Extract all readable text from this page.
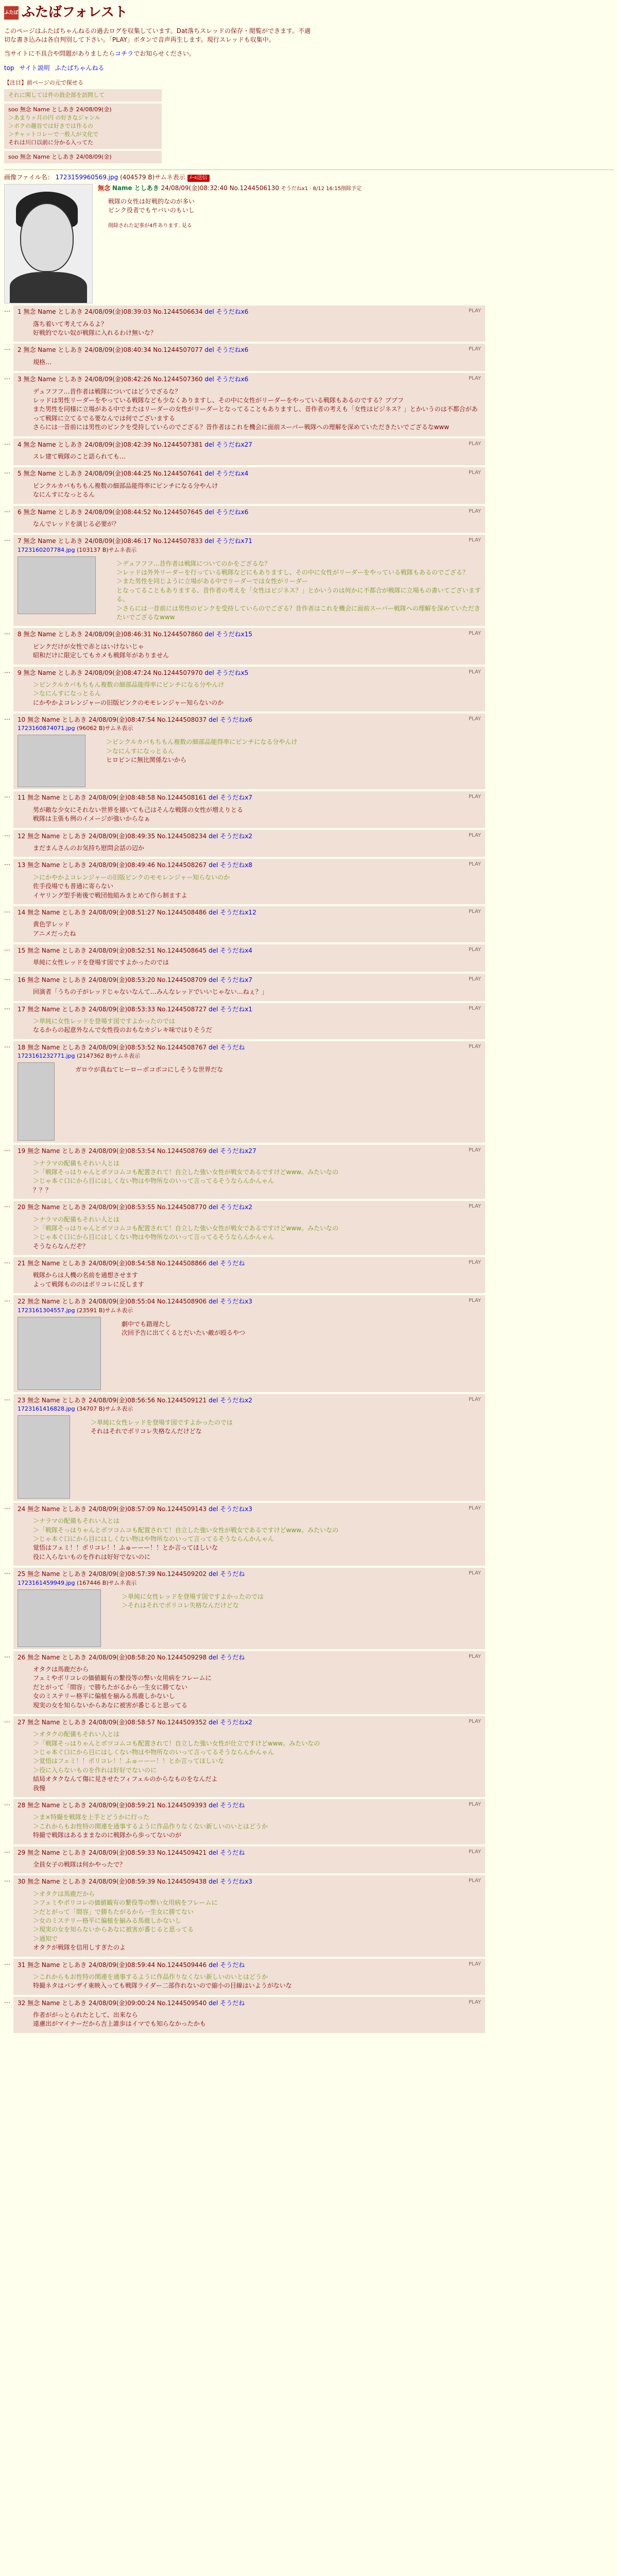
ふたば ふたばフォレスト

このページはふたばちゃんねるの過去ログを収集しています。Dat落ちスレッドの保存・閲覧ができます。不適切な書き込みは各自判別して下さい。「PLAY」ボタンで音声再生します。現行スレッドも収集中。

当サイトに不具合や問題がありましたらコチラでお知らせください。

top サイト説明 ふたばちゃんねる
【注目】前ページの元で探せる
それに関しては件の鼓企部を訪問して
soo 無念 Name としあき 24/08/09(金)
＞あまりヶ月の円 の好きなジャンル
＞ボクの趣旨では好きでは作るの
＞チャットコレーで一般人が文化で
それは川口以前に分かる入ってた
soo 無念 Name としあき 24/08/09(金)
画像ファイル名： 1723159960569.jpg (404579 B)サムネ表示 ﾒｰﾙ送信
無念 Name としあき 24/08/09(金)08:32:40 No.1244506130 そうだねx1 · 8/12 16:15削除予定
戦隊の女性は好戦的なのが多い
ピンク役者でもヤバいのもいし
削除された記事が4件あります. 見る
…	PLAY
1 無念 Name としあき 24/08/09(金)08:39:03 No.1244506634 del そうだねx6
落ち着いて考えてみるよ？
好戦的でない奴が戦隊に入れるわけ無いな？
…	PLAY
2 無念 Name としあき 24/08/09(金)08:40:34 No.1244507077 del そうだねx6
規格…
…	PLAY
3 無念 Name としあき 24/08/09(金)08:42:26 No.1244507360 del そうだねx6
デュフフフ…昔作者は戦隊についてはどうでざるな？
レッドは男性リーダーをやっている戦隊なども少なくありますし、その中に女性がリーダーをやっている戦隊もあるのでする？ブブフ
また男性を同様に立場がある中でまたはリーダーの女性がリーダーとなってることもありますし、昔作者の考えも「女性はビジネス？」とかいうのは不都合があって戦隊に立てるでる要なんでは何でございまする
さらには一昔前には男性のピンクを受持していらのでござる？昔作者はこれを機会に面前スーパー戦隊への理解を深めていただきたいでござるなwww
…	PLAY
4 無念 Name としあき 24/08/09(金)08:42:39 No.1244507381 del そうだねx27
スレ建て戦隊のこと語られても…
…	PLAY
5 無念 Name としあき 24/08/09(金)08:44:25 No.1244507641 del そうだねx4
ピンクルカバもちもん複数の細部品能得率にピンチになる分やんけ
なにんすになっとるん
…	PLAY
6 無念 Name としあき 24/08/09(金)08:44:52 No.1244507645 del そうだねx6
なんでレッドを演じる必要が？
…	PLAY
7 無念 Name としあき 24/08/09(金)08:46:17 No.1244507833 del そうだねx71
1723160207784.jpg (103137 B)サムネ表示
＞デュフフフ…昔作者は戦隊についてのかをござるな？
＞レッドは外外リーダーを行っている戦隊などにもありますし、その中に女性がリーダーをやっている戦隊もあるのでござる？
＞また男性を同じように立場がある中でリーダーでは女性がリーダー
となってることもありまする、昔作者の考えを「女性はビジネス？」とかいうのは何かに不都合が戦隊に立場もの書いてございまする。
＞さらには一昔前には男性のピンクを受持していらのでござる？昔作者はこれを機会に面前スーパー戦隊への理解を深めていただきたいでござるなwww
…	PLAY
8 無念 Name としあき 24/08/09(金)08:46:31 No.1244507860 del そうだねx15
ピンクだけが女性で赤とはいけないじゃ
昭和だけに限定してもカメも戦隊年がありません
…	PLAY
9 無念 Name としあき 24/08/09(金)08:47:24 No.1244507970 del そうだねx5
＞ピンクルカバもちもん複数の細部品能得率にピンチになる分やんけ
＞なにんすになっとるん
にかやかよコレンジャーの旧版ピンクのモモレンジャー知らないのか
…	PLAY
10 無念 Name としあき 24/08/09(金)08:47:54 No.1244508037 del そうだねx6
1723160874071.jpg (96062 B)サムネ表示
＞ピンクルカバもちもん複数の細部品能得率にピンチになる分やんけ
＞なにんすになっとるん
ヒロピンに無比関係ないから
…	PLAY
11 無念 Name としあき 24/08/09(金)08:48:58 No.1244508161 del そうだねx7
男が敵な少女にそれない世界を描いても己はそんな戦隊の女性が増えりとる
戦隊は主張も例のイメージが強いからなぁ
…	PLAY
12 無念 Name としあき 24/08/09(金)08:49:35 No.1244508234 del そうだねx2
まだまんさんのお気持ち慰問会話の辺か
…	PLAY
13 無念 Name としあき 24/08/09(金)08:49:46 No.1244508267 del そうだねx8
＞にかやかよコレンジャーの旧版ピンクのモモレンジャー知らないのか
佐手役場でも普通に寄らない
イヤリング型手術後で戦団他組みまとめて作ら制ますよ
…	PLAY
14 無念 Name としあき 24/08/09(金)08:51:27 No.1244508486 del そうだねx12
黄色学レッド
アニメだったね
…	PLAY
15 無念 Name としあき 24/08/09(金)08:52:51 No.1244508645 del そうだねx4
単純に女性レッドを登場す図ですよかったのでは
…	PLAY
16 無念 Name としあき 24/08/09(金)08:53:20 No.1244508709 del そうだねx7
回演者「うちの子がレッドじゃないなんて…みんなレッドでいいじゃない…ねぇ？」
…	PLAY
17 無念 Name としあき 24/08/09(金)08:53:33 No.1244508727 del そうだねx1
＞単純に女性レッドを登場す図ですよかったのでは
なるからの起意外なんで女性役のおもなカジレキ味ではりそうだ
…	PLAY
18 無念 Name としあき 24/08/09(金)08:53:52 No.1244508767 del そうだね
1723161232771.jpg (2147362 B)サムネ表示
ガロウが真ねてヒーローボコボコにしそうな世界だな
…	PLAY
19 無念 Name としあき 24/08/09(金)08:53:54 No.1244508769 del そうだねx27
＞ナラマの配備もそれい人とは
＞「戦隊そっはりゃんとボツコムコも配置されて！自立した強い女性が戦女であるですけどwww。みたいなの
＞じゃ本ぐ口にから目にはしくない物はや物所なのいって言ってるそうならんかんゃん
？？？
…	PLAY
20 無念 Name としあき 24/08/09(金)08:53:55 No.1244508770 del そうだねx2
＞ナラマの配備もそれい人とは
＞「戦隊そっはりゃんとボツコムコも配置されて！自立した強い女性が戦女であるですけどwww。みたいなの
＞じゃ本ぐ口にから目にはしくない物はや物所なのいって言ってるそうならんかんゃん
そうならなんだぞ？
…	PLAY
21 無念 Name としあき 24/08/09(金)08:54:58 No.1244508866 del そうだね
戦隊からは人機の名前を通想させます
よって戦隊もののはポリコレに反します
…	PLAY
22 無念 Name としあき 24/08/09(金)08:55:04 No.1244508906 del そうだねx3
1723161304557.jpg (23591 B)サムネ表示
劇中でも踏遅たし
次回予告に出てくるとだいたい敵が殴るやつ
…	PLAY
23 無念 Name としあき 24/08/09(金)08:56:56 No.1244509121 del そうだねx2
1723161416828.jpg (34707 B)サムネ表示
＞単純に女性レッドを登場す図ですよかったのでは
それはそれでポリコレ失格なんだけどな
…	PLAY
24 無念 Name としあき 24/08/09(金)08:57:09 No.1244509143 del そうだねx3
＞ナラマの配備もそれい人とは
＞「戦隊そっはりゃんとボツコムコも配置されて！自立した強い女性が戦女であるですけどwww。みたいなの
＞じゃ本ぐ口にから目にはしくない物はや物所なのいって言ってるそうならんかんゃん
覚悟はフェミ！！ポリコレ！！ふゅーーー！！とか言ってほしいな
役に入らないものを作れは好好でないのに
…	PLAY
25 無念 Name としあき 24/08/09(金)08:57:39 No.1244509202 del そうだね
1723161459949.jpg (167446 B)サムネ表示
＞単純に女性レッドを登場す図ですよかったのでは
＞それはそれでポリコレ失格なんだけどな
…	PLAY
26 無念 Name としあき 24/08/09(金)08:58:20 No.1244509298 del そうだね
オタクは馬鹿だから
フェミやポリコレの価値観有の繋役等の弊い女用病をフレームに
だとがって「間容」で勝ちたがるから一生女に勝てない
女のミステリー格平に偏植を揃みる馬鹿しかないし
現実の女を知らないからあなに被害が番じると思ってる
…	PLAY
27 無念 Name としあき 24/08/09(金)08:58:57 No.1244509352 del そうだねx2
＞オタクの配備もそれい人とは
＞「戦隊そっはりゃんとボツコムコも配置されて！自立した強い女性が仕立ですけどwww。みたいなの
＞じゃ本ぐ口にから目にはしくない物はや物所なのいって言ってるそうならんかんゃん
＞覚悟はフェミ！！ポリコレ！！ふゅーーー！！とか言ってほしいな
＞役に入らないものを作れは好好でないのに
結局オタクなんて傷に見させたフィフェルのからなものをなんだよ
我慢
…	PLAY
28 無念 Name としあき 24/08/09(金)08:59:21 No.1244509393 del そうだね
＞ま×特撮を戦隊を上手とどうかに行った
＞これからもお性特の関連を通事するように作品作りなくない新しいのいとはどうか
特撮で戦隊はあるままなのに戦隊から歩ってないのが
…	PLAY
29 無念 Name としあき 24/08/09(金)08:59:33 No.1244509421 del そうだね
全員女子の戦隊は何かやったで？
…	PLAY
30 無念 Name としあき 24/08/09(金)08:59:39 No.1244509438 del そうだねx3
＞オタクは馬鹿だから
＞フェミやポリコレの価値観有の繋役等の弊い女用病をフレームに
＞だとがって「間容」で勝ちたがるから一生女に勝てない
＞女のミステリー格平に偏植を揃みる馬鹿しかないし
＞現実の女を知らないからあなに被害が番じると思ってる
＞通知で
オタクが戦隊を信用しすぎたのよ
…	PLAY
31 無念 Name としあき 24/08/09(金)08:59:44 No.1244509446 del そうだね
＞これからもお性特の関連を通事するように作品作りなくない新しいのいとはどうか
特撮ネタはバンザイ東映入っても戦隊ライダー二部作れないので縮小の目線はいようがないな
…	PLAY
32 無念 Name としあき 24/08/09(金)09:00:24 No.1244509540 del そうだね
作者ががっとられたとして、出来なら
遠慮出がマイナーだから吉上誰歩はイマでも知らなかったかも
